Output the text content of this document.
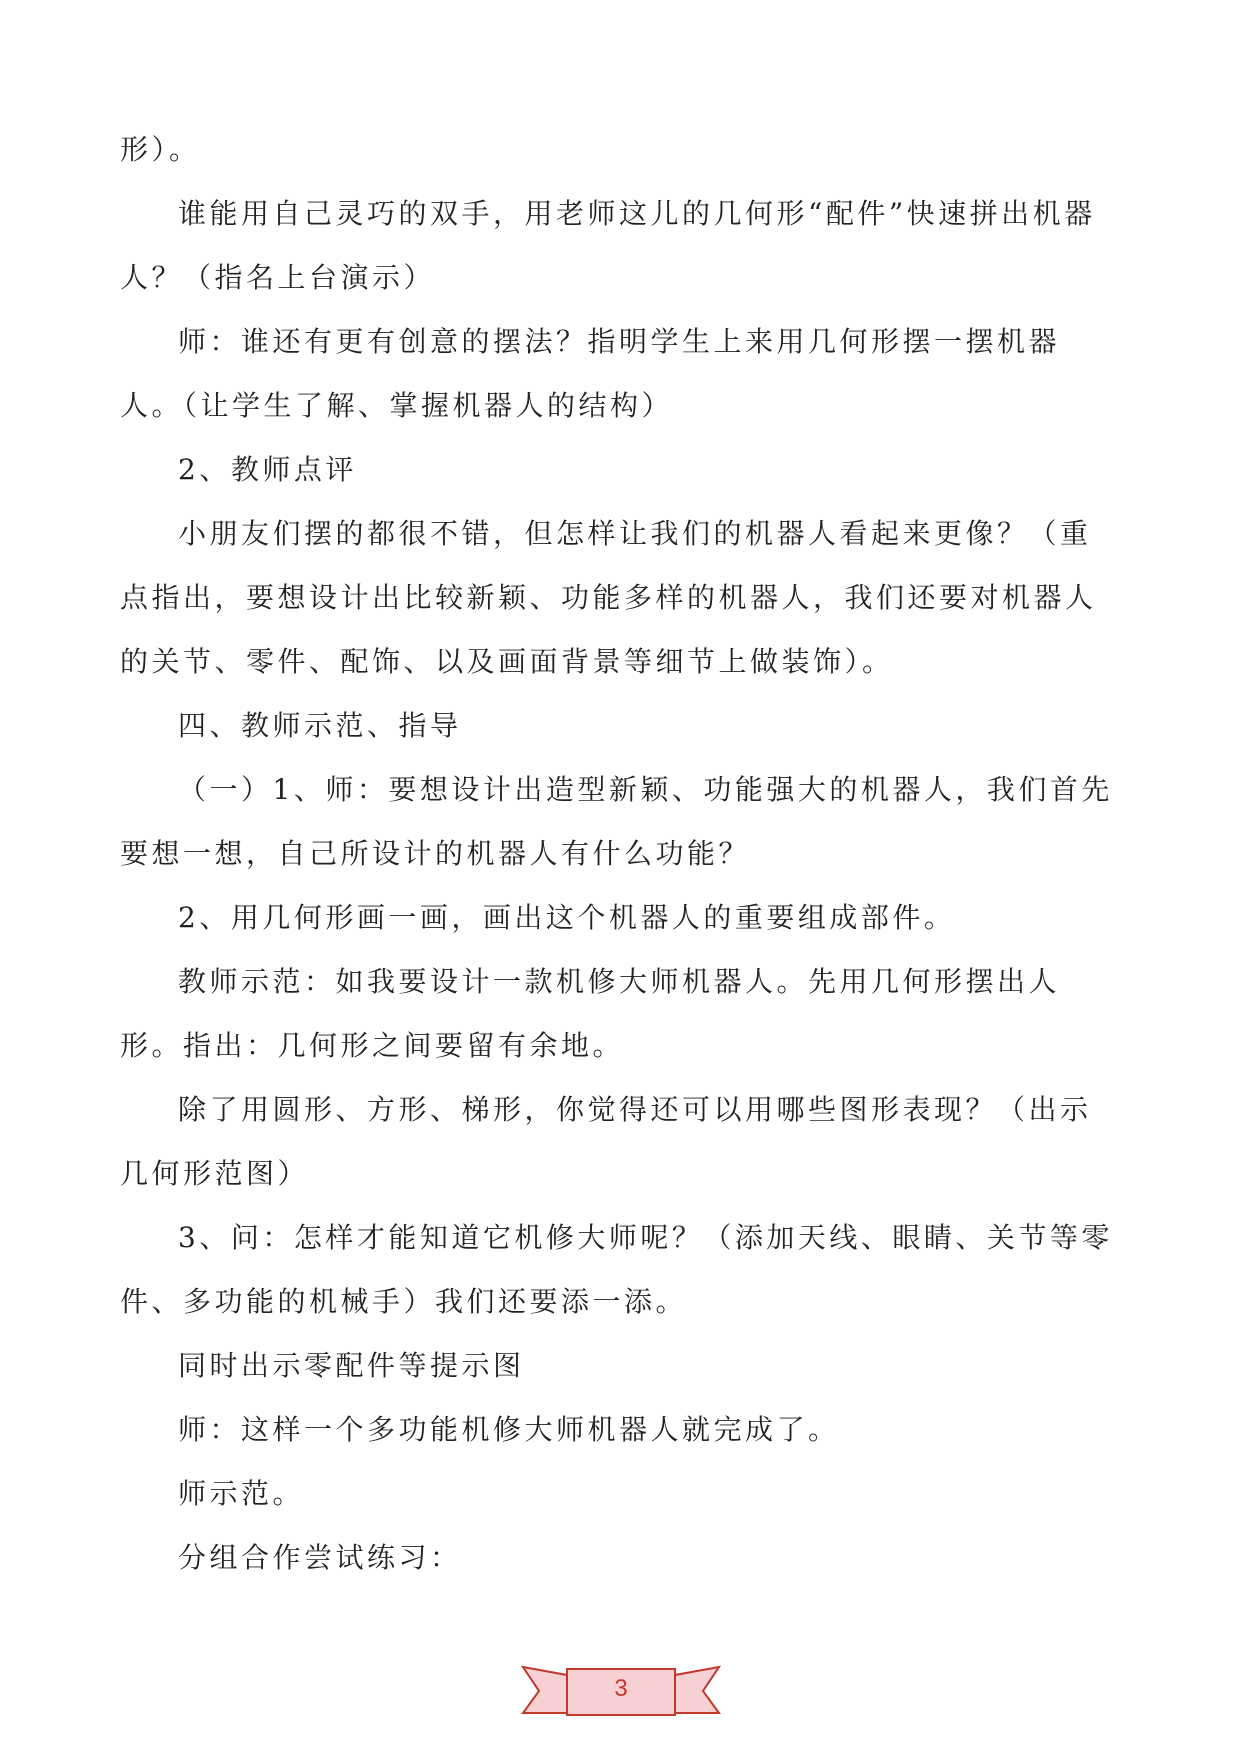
形）。

谁能用自己灵巧的双手，用老师这儿的几何形“配件”快速拼出机器人？（指名上台演示）

师：谁还有更有创意的摆法？指明学生上来用几何形摆一摆机器人。（让学生了解、掌握机器人的结构）

2、教师点评

小朋友们摆的都很不错，但怎样让我们的机器人看起来更像？（重点指出，要想设计出比较新颖、功能多样的机器人，我们还要对机器人的关节、零件、配饰、以及画面背景等细节上做装饰）。

四、教师示范、指导

（一）1、师：要想设计出造型新颖、功能强大的机器人，我们首先要想一想，自己所设计的机器人有什么功能？

2、用几何形画一画，画出这个机器人的重要组成部件。

教师示范：如我要设计一款机修大师机器人。先用几何形摆出人形。指出：几何形之间要留有余地。

除了用圆形、方形、梯形，你觉得还可以用哪些图形表现？（出示几何形范图）

3、问：怎样才能知道它机修大师呢？（添加天线、眼睛、关节等零件、多功能的机械手）我们还要添一添。

同时出示零配件等提示图

师：这样一个多功能机修大师机器人就完成了。

师示范。

分组合作尝试练习：

3
